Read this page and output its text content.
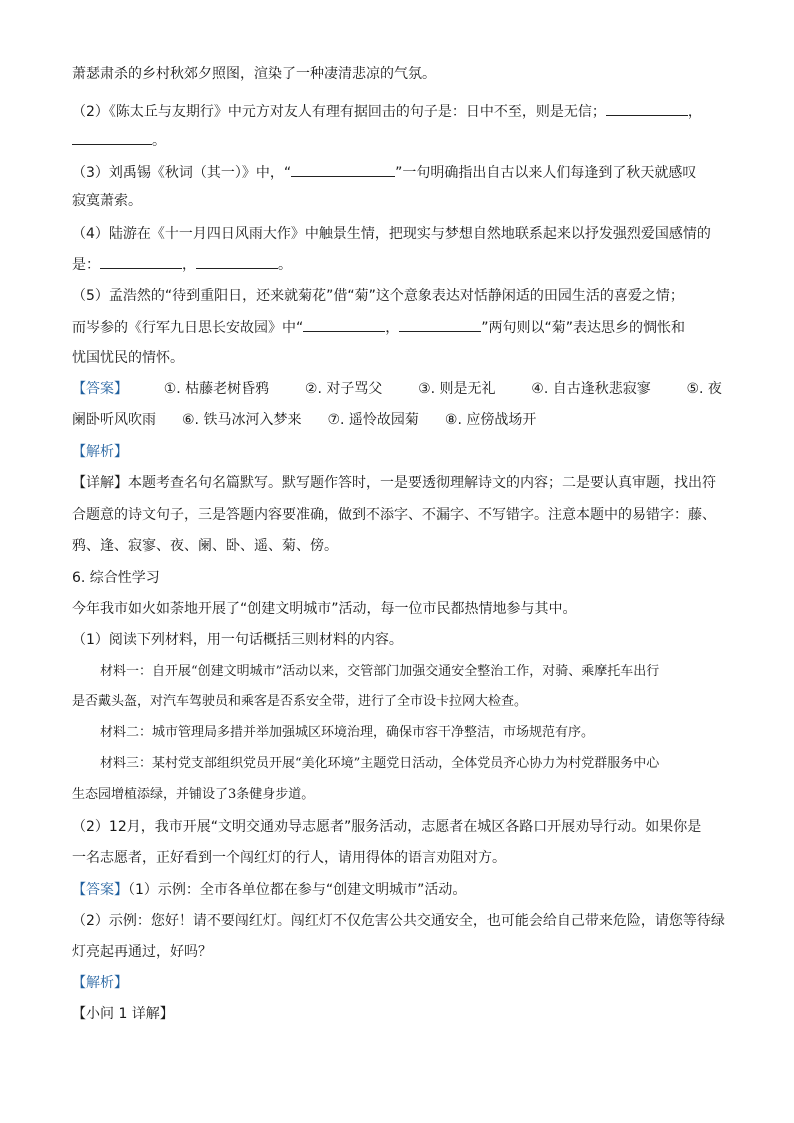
萧瑟肃杀的乡村秋郊夕照图，渲染了一种凄清悲凉的气氛。
（2）《陈太丘与友期行》中元方对友人有理有据回击的句子是：日中不至，则是无信；	，
。
（3）刘禹锡《秋词（其一）》中，“	”一句明确指出自古以来人们每逢到了秋天就感叹
寂寞萧索。
（4）陆游在《十一月四日风雨大作》中触景生情，把现实与梦想自然地联系起来以抒发强烈爱国感情的
是：	，	。
（5）孟浩然的“待到重阳日，还来就菊花”借“菊”这个意象表达对恬静闲适的田园生活的喜爱之情；
而岑参的《行军九日思长安故园》中“	，	”两句则以“菊”表达思乡的惆怅和
忧国忧民的情怀。
【答案】	①. 枯藤老树昏鸦	②. 对子骂父	③. 则是无礼	④. 自古逢秋悲寂寥	⑤. 夜
阑卧听风吹雨 ⑥. 铁马冰河入梦来 ⑦. 遥怜故园菊 ⑧. 应傍战场开
【解析】
【详解】本题考查名句名篇默写。默写题作答时，一是要透彻理解诗文的内容；二是要认真审题，找出符
合题意的诗文句子，三是答题内容要准确，做到不添字、不漏字、不写错字。注意本题中的易错字：藤、
鸦、逢、寂寥、夜、阑、卧、遥、菊、傍。
6. 综合性学习
今年我市如火如荼地开展了“创建文明城市”活动，每一位市民都热情地参与其中。
（1）阅读下列材料，用一句话概括三则材料的内容。
材料一：自开展“创建文明城市”活动以来，交管部门加强交通安全整治工作，对骑、乘摩托车出行
是否戴头盔，对汽车驾驶员和乘客是否系安全带，进行了全市设卡拉网大检查。
材料二：城市管理局多措并举加强城区环境治理，确保市容干净整洁，市场规范有序。
材料三：某村党支部组织党员开展“美化环境”主题党日活动，全体党员齐心协力为村党群服务中心
生态园增植添绿，并铺设了3条健身步道。
（2）12月，我市开展“文明交通劝导志愿者”服务活动，志愿者在城区各路口开展劝导行动。如果你是
一名志愿者，正好看到一个闯红灯的行人，请用得体的语言劝阻对方。
【答案】（1）示例：全市各单位都在参与“创建文明城市”活动。
（2）示例：您好！请不要闯红灯。闯红灯不仅危害公共交通安全，也可能会给自己带来危险，请您等待绿
灯亮起再通过，好吗？
【解析】
【小问 1 详解】
